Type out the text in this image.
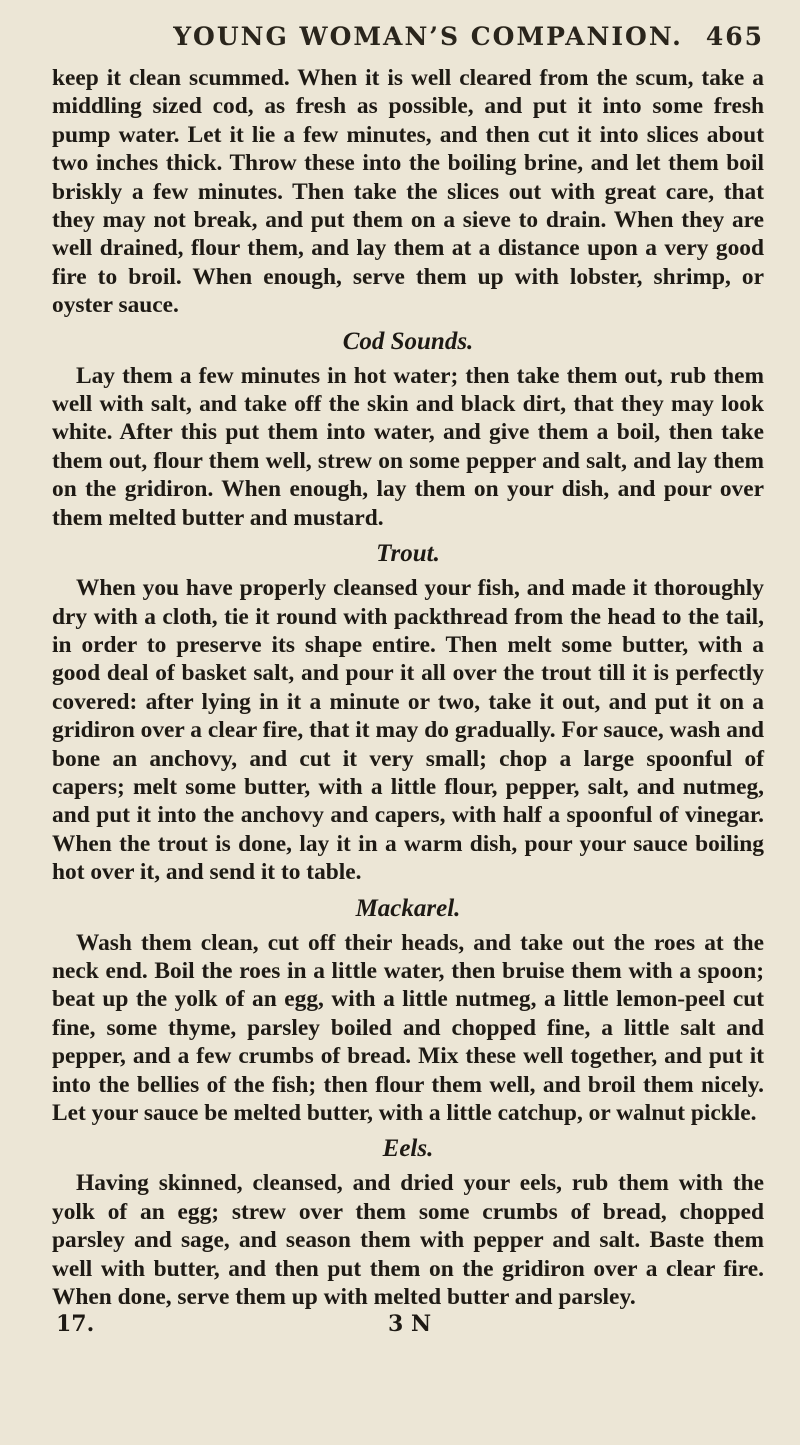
YOUNG WOMAN’S COMPANION. 465

keep it clean scummed. When it is well cleared from the scum, take a middling sized cod, as fresh as possible, and put it into some fresh pump water. Let it lie a few minutes, and then cut it into slices about two inches thick. Throw these into the boiling brine, and let them boil briskly a few minutes. Then take the slices out with great care, that they may not break, and put them on a sieve to drain. When they are well drained, flour them, and lay them at a distance upon a very good fire to broil. When enough, serve them up with lobster, shrimp, or oyster sauce.

Cod Sounds.

Lay them a few minutes in hot water; then take them out, rub them well with salt, and take off the skin and black dirt, that they may look white. After this put them into water, and give them a boil, then take them out, flour them well, strew on some pepper and salt, and lay them on the gridiron. When enough, lay them on your dish, and pour over them melted butter and mustard.

Trout.

When you have properly cleansed your fish, and made it thoroughly dry with a cloth, tie it round with packthread from the head to the tail, in order to preserve its shape entire. Then melt some butter, with a good deal of basket salt, and pour it all over the trout till it is perfectly covered: after lying in it a minute or two, take it out, and put it on a gridiron over a clear fire, that it may do gradually. For sauce, wash and bone an anchovy, and cut it very small; chop a large spoonful of capers; melt some butter, with a little flour, pepper, salt, and nutmeg, and put it into the anchovy and capers, with half a spoonful of vinegar. When the trout is done, lay it in a warm dish, pour your sauce boiling hot over it, and send it to table.

Mackarel.

Wash them clean, cut off their heads, and take out the roes at the neck end. Boil the roes in a little water, then bruise them with a spoon; beat up the yolk of an egg, with a little nutmeg, a little lemon-peel cut fine, some thyme, parsley boiled and chopped fine, a little salt and pepper, and a few crumbs of bread. Mix these well together, and put it into the bellies of the fish; then flour them well, and broil them nicely. Let your sauce be melted butter, with a little catchup, or walnut pickle.

Eels.

Having skinned, cleansed, and dried your eels, rub them with the yolk of an egg; strew over them some crumbs of bread, chopped parsley and sage, and season them with pepper and salt. Baste them well with butter, and then put them on the gridiron over a clear fire. When done, serve them up with melted butter and parsley.

17.	3 N
